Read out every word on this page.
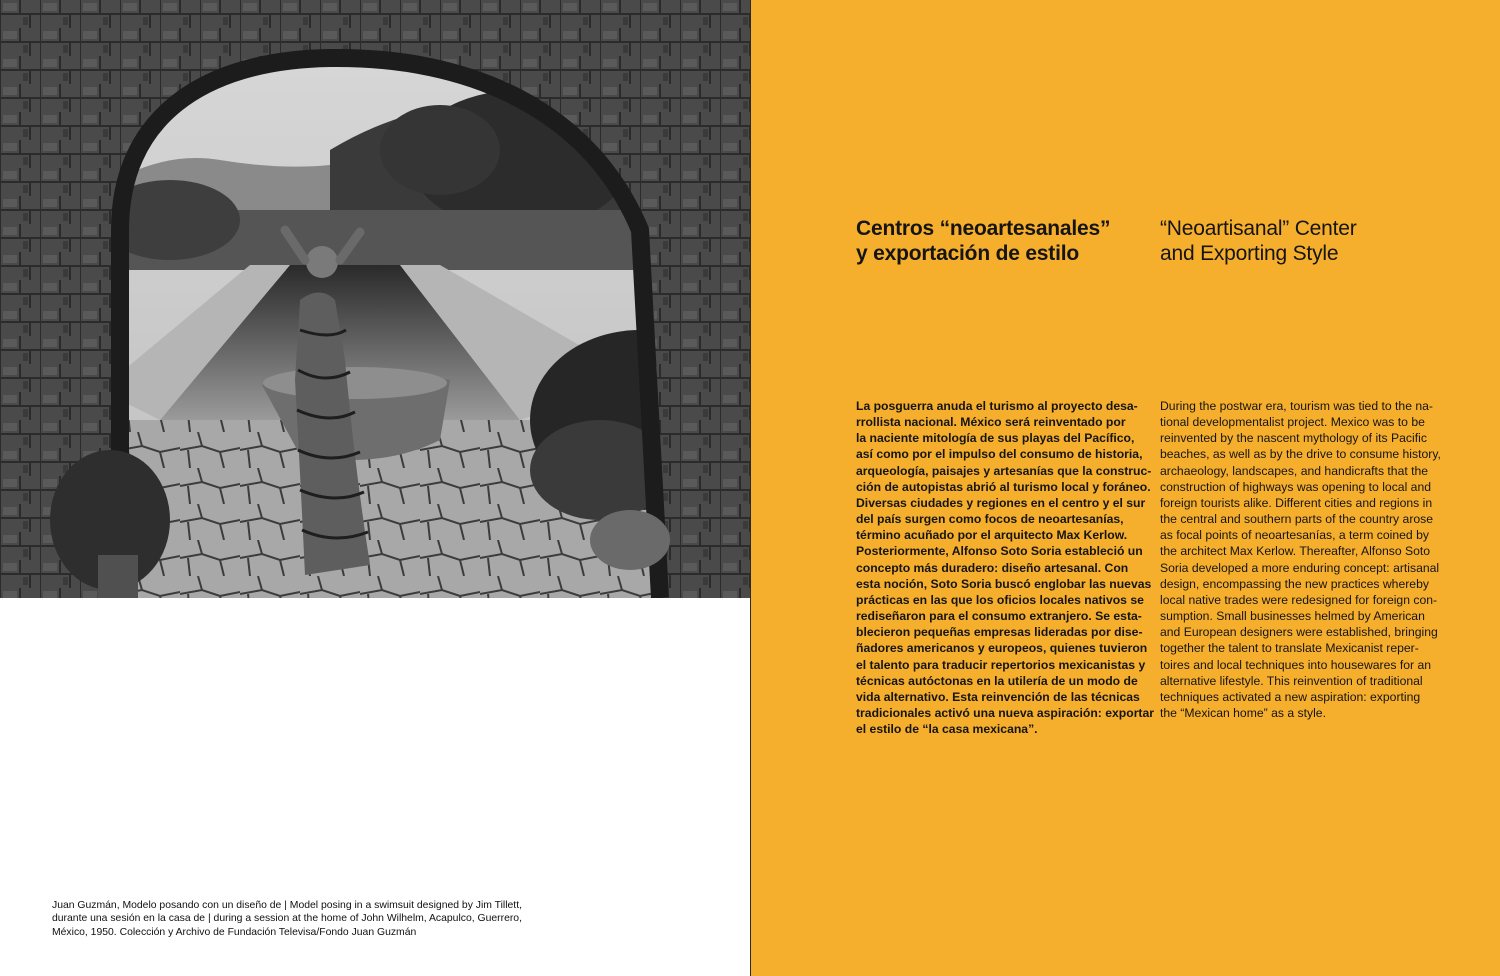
Juan Guzmán, Modelo posando con un diseño de | Model posing in a swimsuit designed by Jim Tillett, durante una sesión en la casa de | during a session at the home of John Wilhelm, Acapulco, Guerrero, México, 1950. Colección y Archivo de Fundación Televisa/Fondo Juan Guzmán
Centros “neoartesanales”
y exportación de estilo
“Neoartisanal” Center
and Exporting Style
La posguerra anuda el turismo al proyecto desa-
rrollista nacional. México será reinventado por
la naciente mitología de sus playas del Pacífico,
así como por el impulso del consumo de historia,
arqueología, paisajes y artesanías que la construc-
ción de autopistas abrió al turismo local y foráneo.
Diversas ciudades y regiones en el centro y el sur
del país surgen como focos de neoartesanías,
término acuñado por el arquitecto Max Kerlow.
Posteriormente, Alfonso Soto Soria estableció un
concepto más duradero: diseño artesanal. Con
esta noción, Soto Soria buscó englobar las nuevas
prácticas en las que los oficios locales nativos se
rediseñaron para el consumo extranjero. Se esta-
blecieron pequeñas empresas lideradas por dise-
ñadores americanos y europeos, quienes tuvieron
el talento para traducir repertorios mexicanistas y
técnicas autóctonas en la utilería de un modo de
vida alternativo. Esta reinvención de las técnicas
tradicionales activó una nueva aspiración: exportar
el estilo de “la casa mexicana”.
During the postwar era, tourism was tied to the na-
tional developmentalist project. Mexico was to be
reinvented by the nascent mythology of its Pacific
beaches, as well as by the drive to consume history,
archaeology, landscapes, and handicrafts that the
construction of highways was opening to local and
foreign tourists alike. Different cities and regions in
the central and southern parts of the country arose
as focal points of neoartesanías, a term coined by
the architect Max Kerlow. Thereafter, Alfonso Soto
Soria developed a more enduring concept: artisanal
design, encompassing the new practices whereby
local native trades were redesigned for foreign con-
sumption. Small businesses helmed by American
and European designers were established, bringing
together the talent to translate Mexicanist reper-
toires and local techniques into housewares for an
alternative lifestyle. This reinvention of traditional
techniques activated a new aspiration: exporting
the “Mexican home” as a style.
